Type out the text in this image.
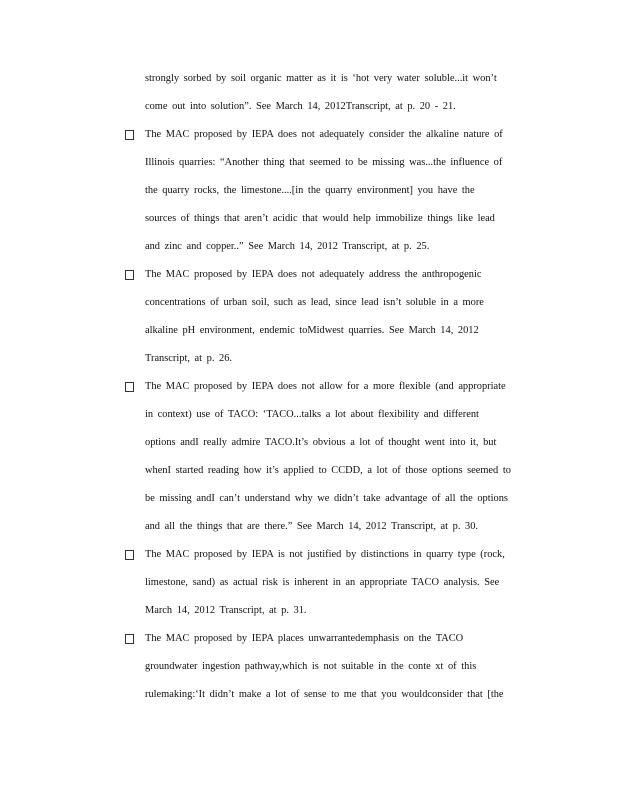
strongly sorbed by soil organic matter as it is ‘hot very water soluble...it won’t
come out into solution”. See March 14, 2012Transcript, at p. 20 - 21.
The MAC proposed by IEPA does not adequately consider the alkaline nature of
Illinois quarries: “Another thing that seemed to be missing was...the influence of
the quarry rocks, the limestone....[in the quarry environment] you have the
sources of things that aren’t acidic that would help immobilize things like lead
and zinc and copper..” See March 14, 2012 Transcript, at p. 25.
The MAC proposed by IEPA does not adequately address the anthropogenic
concentrations of urban soil, such as lead, since lead isn’t soluble in a more
alkaline pH environment, endemic toMidwest quarries. See March 14, 2012
Transcript, at p. 26.
The MAC proposed by IEPA does not allow for a more flexible (and appropriate
in context) use of TACO: ‘TACO...talks a lot about flexibility and different
options andI really admire TACO.It’s obvious a lot of thought went into it, but
whenI started reading how it’s applied to CCDD, a lot of those options seemed to
be missing andI can’t understand why we didn’t take advantage of all the options
and all the things that are there.” See March 14, 2012 Transcript, at p. 30.
The MAC proposed by IEPA is not justified by distinctions in quarry type (rock,
limestone, sand) as actual risk is inherent in an appropriate TACO analysis. See
March 14, 2012 Transcript, at p. 31.
The MAC proposed by IEPA places unwarrantedemphasis on the TACO
groundwater ingestion pathway,which is not suitable in the conte xt of this
rulemaking:‘It didn’t make a lot of sense to me that you wouldconsider that [the
